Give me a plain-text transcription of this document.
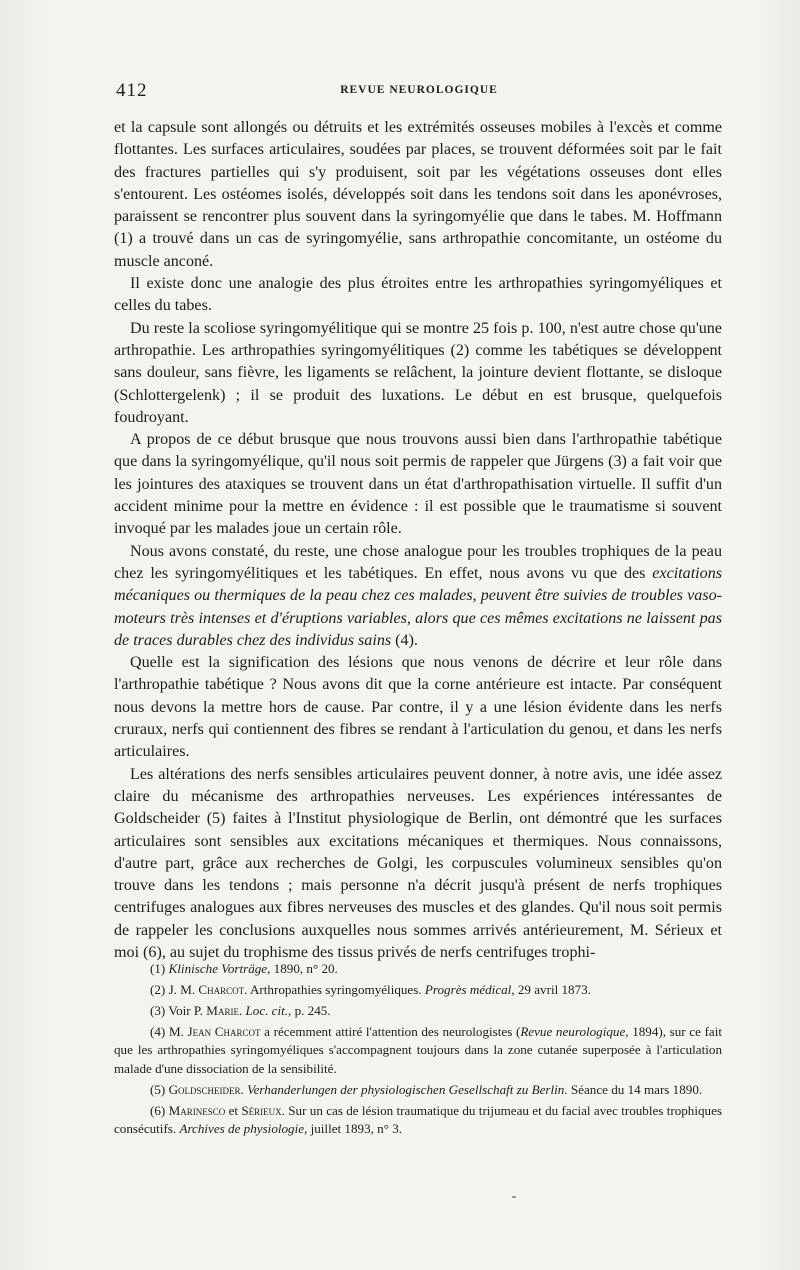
412	REVUE NEUROLOGIQUE

et la capsule sont allongés ou détruits et les extrémités osseuses mobiles à l'excès et comme flottantes. Les surfaces articulaires, soudées par places, se trouvent déformées soit par le fait des fractures partielles qui s'y produisent, soit par les végétations osseuses dont elles s'entourent. Les ostéomes isolés, développés soit dans les tendons soit dans les aponévroses, paraissent se rencontrer plus souvent dans la syringomyélie que dans le tabes. M. Hoffmann (1) a trouvé dans un cas de syringomyélie, sans arthropathie concomitante, un ostéome du muscle anconé.

Il existe donc une analogie des plus étroites entre les arthropathies syringomyéliques et celles du tabes.

Du reste la scoliose syringomyélitique qui se montre 25 fois p. 100, n'est autre chose qu'une arthropathie. Les arthropathies syringomyélitiques (2) comme les tabétiques se développent sans douleur, sans fièvre, les ligaments se relâchent, la jointure devient flottante, se disloque (Schlottergelenk) ; il se produit des luxations. Le début en est brusque, quelquefois foudroyant.

A propos de ce début brusque que nous trouvons aussi bien dans l'arthropathie tabétique que dans la syringomyélique, qu'il nous soit permis de rappeler que Jürgens (3) a fait voir que les jointures des ataxiques se trouvent dans un état d'arthropathisation virtuelle. Il suffit d'un accident minime pour la mettre en évidence : il est possible que le traumatisme si souvent invoqué par les malades joue un certain rôle.

Nous avons constaté, du reste, une chose analogue pour les troubles trophiques de la peau chez les syringomyélitiques et les tabétiques. En effet, nous avons vu que des excitations mécaniques ou thermiques de la peau chez ces malades, peuvent être suivies de troubles vaso-moteurs très intenses et d'éruptions variables, alors que ces mêmes excitations ne laissent pas de traces durables chez des individus sains (4).

Quelle est la signification des lésions que nous venons de décrire et leur rôle dans l'arthropathie tabétique ? Nous avons dit que la corne antérieure est intacte. Par conséquent nous devons la mettre hors de cause. Par contre, il y a une lésion évidente dans les nerfs cruraux, nerfs qui contiennent des fibres se rendant à l'articulation du genou, et dans les nerfs articulaires.

Les altérations des nerfs sensibles articulaires peuvent donner, à notre avis, une idée assez claire du mécanisme des arthropathies nerveuses. Les expériences intéressantes de Goldscheider (5) faites à l'Institut physiologique de Berlin, ont démontré que les surfaces articulaires sont sensibles aux excitations mécaniques et thermiques. Nous connaissons, d'autre part, grâce aux recherches de Golgi, les corpuscules volumineux sensibles qu'on trouve dans les tendons ; mais personne n'a décrit jusqu'à présent de nerfs trophiques centrifuges analogues aux fibres nerveuses des muscles et des glandes. Qu'il nous soit permis de rappeler les conclusions auxquelles nous sommes arrivés antérieurement, M. Sérieux et moi (6), au sujet du trophisme des tissus privés de nerfs centrifuges trophi-

(1) Klinische Vorträge, 1890, n° 20.

(2) J. M. Charcot. Arthropathies syringomyéliques. Progrès médical, 29 avril 1873.

(3) Voir P. Marie. Loc. cit., p. 245.

(4) M. Jean Charcot a récemment attiré l'attention des neurologistes (Revue neurologique, 1894), sur ce fait que les arthropathies syringomyéliques s'accompagnent toujours dans la zone cutanée superposée à l'articulation malade d'une dissociation de la sensibilité.

(5) Goldscheider. Verhanderlungen der physiologischen Gesellschaft zu Berlin. Séance du 14 mars 1890.

(6) Marinesco et Sérieux. Sur un cas de lésion traumatique du trijumeau et du facial avec troubles trophiques consécutifs. Archives de physiologie, juillet 1893, n° 3.
